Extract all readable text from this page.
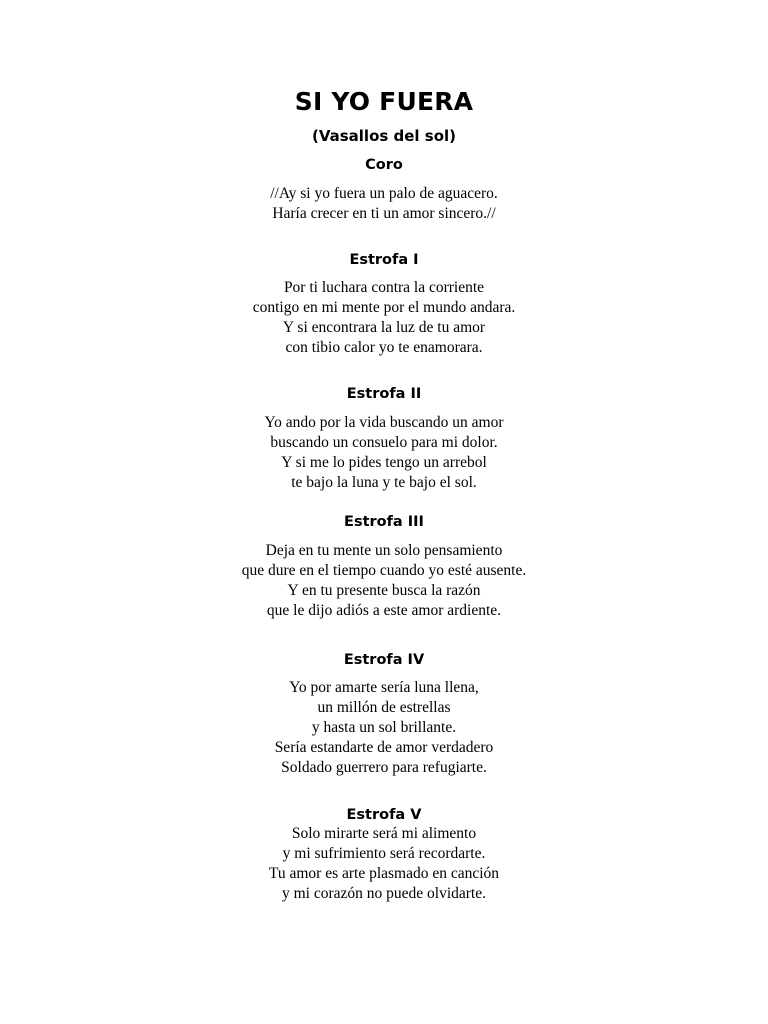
SI YO FUERA
(Vasallos del sol)
Coro
//Ay si yo fuera un palo de aguacero.
Haría crecer en ti un amor sincero.//
Estrofa I
Por ti luchara contra la corriente
contigo en mi mente por el mundo andara.
Y si encontrara la luz de tu amor
con tibio calor yo te enamorara.
Estrofa II
Yo ando por la vida buscando un amor
buscando un consuelo para mi dolor.
Y si me lo pides tengo un arrebol
te bajo la luna y te bajo el sol.
Estrofa III
Deja en tu mente un solo pensamiento
que dure en el tiempo cuando yo esté ausente.
Y en tu presente busca la razón
que le dijo adiós a este amor ardiente.
Estrofa IV
Yo por amarte sería luna llena,
un millón de estrellas
y hasta un sol brillante.
Sería estandarte de amor verdadero
Soldado guerrero para refugiarte.
Estrofa V
Solo mirarte será mi alimento
y mi sufrimiento será recordarte.
Tu amor es arte plasmado en canción
y mi corazón no puede olvidarte.
